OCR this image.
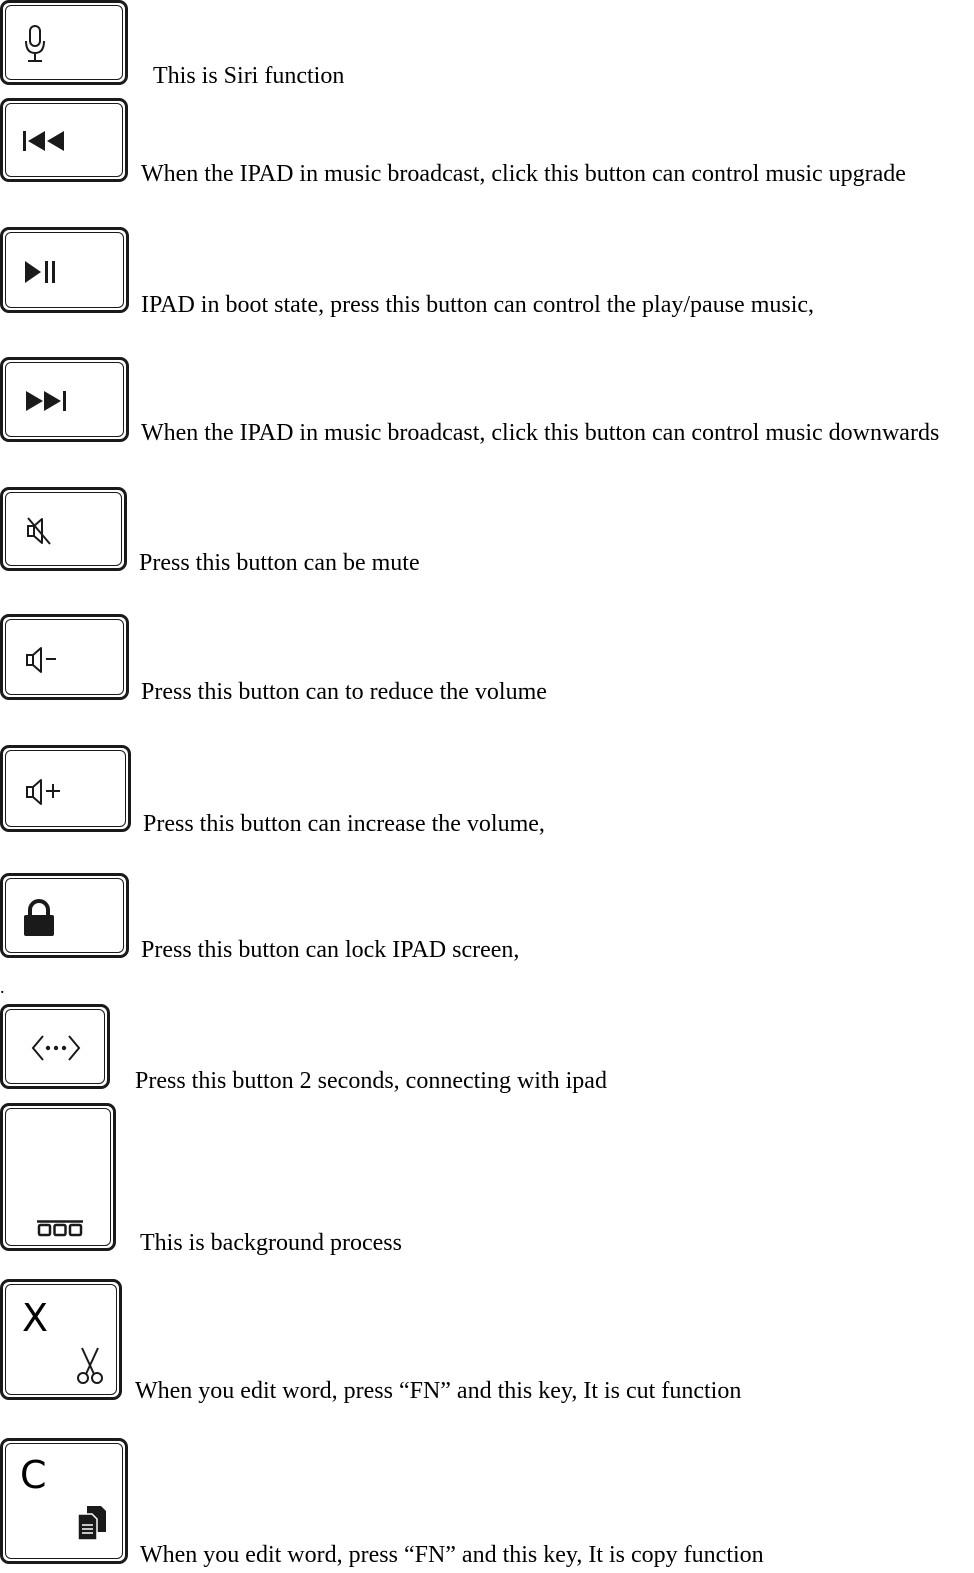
This is Siri function
When the IPAD in music broadcast, click this button can control music upgrade
IPAD in boot state, press this button can control the play/pause music,
When the IPAD in music broadcast, click this button can control music downwards
Press this button can be mute
Press this button can to reduce the volume
Press this button can increase the volume,
Press this button can lock IPAD screen,
.
Press this button 2 seconds, connecting with ipad
This is background process
X
When you edit word, press “FN” and this key, It is cut function
C
When you edit word, press “FN” and this key, It is copy function
